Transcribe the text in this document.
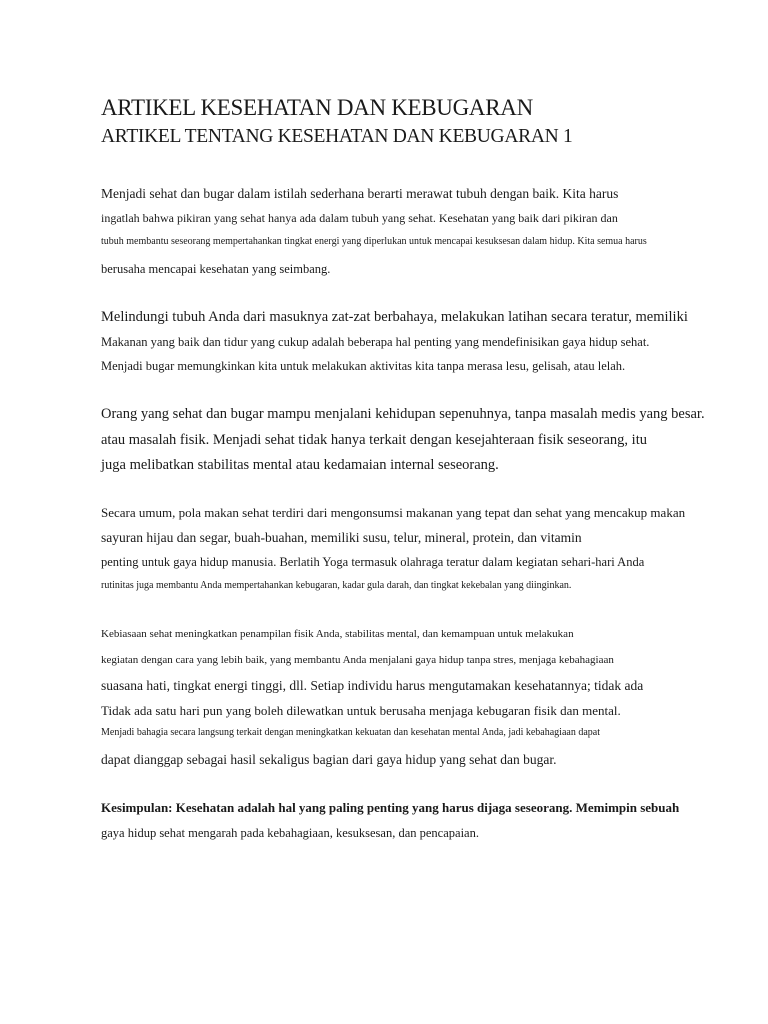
ARTIKEL KESEHATAN DAN KEBUGARAN
ARTIKEL TENTANG KESEHATAN DAN KEBUGARAN 1

Menjadi sehat dan bugar dalam istilah sederhana berarti merawat tubuh dengan baik. Kita harus

ingatlah bahwa pikiran yang sehat hanya ada dalam tubuh yang sehat. Kesehatan yang baik dari pikiran dan

tubuh membantu seseorang mempertahankan tingkat energi yang diperlukan untuk mencapai kesuksesan dalam hidup. Kita semua harus

berusaha mencapai kesehatan yang seimbang.

Melindungi tubuh Anda dari masuknya zat-zat berbahaya, melakukan latihan secara teratur, memiliki

Makanan yang baik dan tidur yang cukup adalah beberapa hal penting yang mendefinisikan gaya hidup sehat.

Menjadi bugar memungkinkan kita untuk melakukan aktivitas kita tanpa merasa lesu, gelisah, atau lelah.

Orang yang sehat dan bugar mampu menjalani kehidupan sepenuhnya, tanpa masalah medis yang besar.

atau masalah fisik. Menjadi sehat tidak hanya terkait dengan kesejahteraan fisik seseorang, itu

juga melibatkan stabilitas mental atau kedamaian internal seseorang.

Secara umum, pola makan sehat terdiri dari mengonsumsi makanan yang tepat dan sehat yang mencakup makan

sayuran hijau dan segar, buah-buahan, memiliki susu, telur, mineral, protein, dan vitamin

penting untuk gaya hidup manusia. Berlatih Yoga termasuk olahraga teratur dalam kegiatan sehari-hari Anda

rutinitas juga membantu Anda mempertahankan kebugaran, kadar gula darah, dan tingkat kekebalan yang diinginkan.

Kebiasaan sehat meningkatkan penampilan fisik Anda, stabilitas mental, dan kemampuan untuk melakukan

kegiatan dengan cara yang lebih baik, yang membantu Anda menjalani gaya hidup tanpa stres, menjaga kebahagiaan

suasana hati, tingkat energi tinggi, dll. Setiap individu harus mengutamakan kesehatannya; tidak ada

Tidak ada satu hari pun yang boleh dilewatkan untuk berusaha menjaga kebugaran fisik dan mental.

Menjadi bahagia secara langsung terkait dengan meningkatkan kekuatan dan kesehatan mental Anda, jadi kebahagiaan dapat

dapat dianggap sebagai hasil sekaligus bagian dari gaya hidup yang sehat dan bugar.

Kesimpulan: Kesehatan adalah hal yang paling penting yang harus dijaga seseorang. Memimpin sebuah

gaya hidup sehat mengarah pada kebahagiaan, kesuksesan, dan pencapaian.
